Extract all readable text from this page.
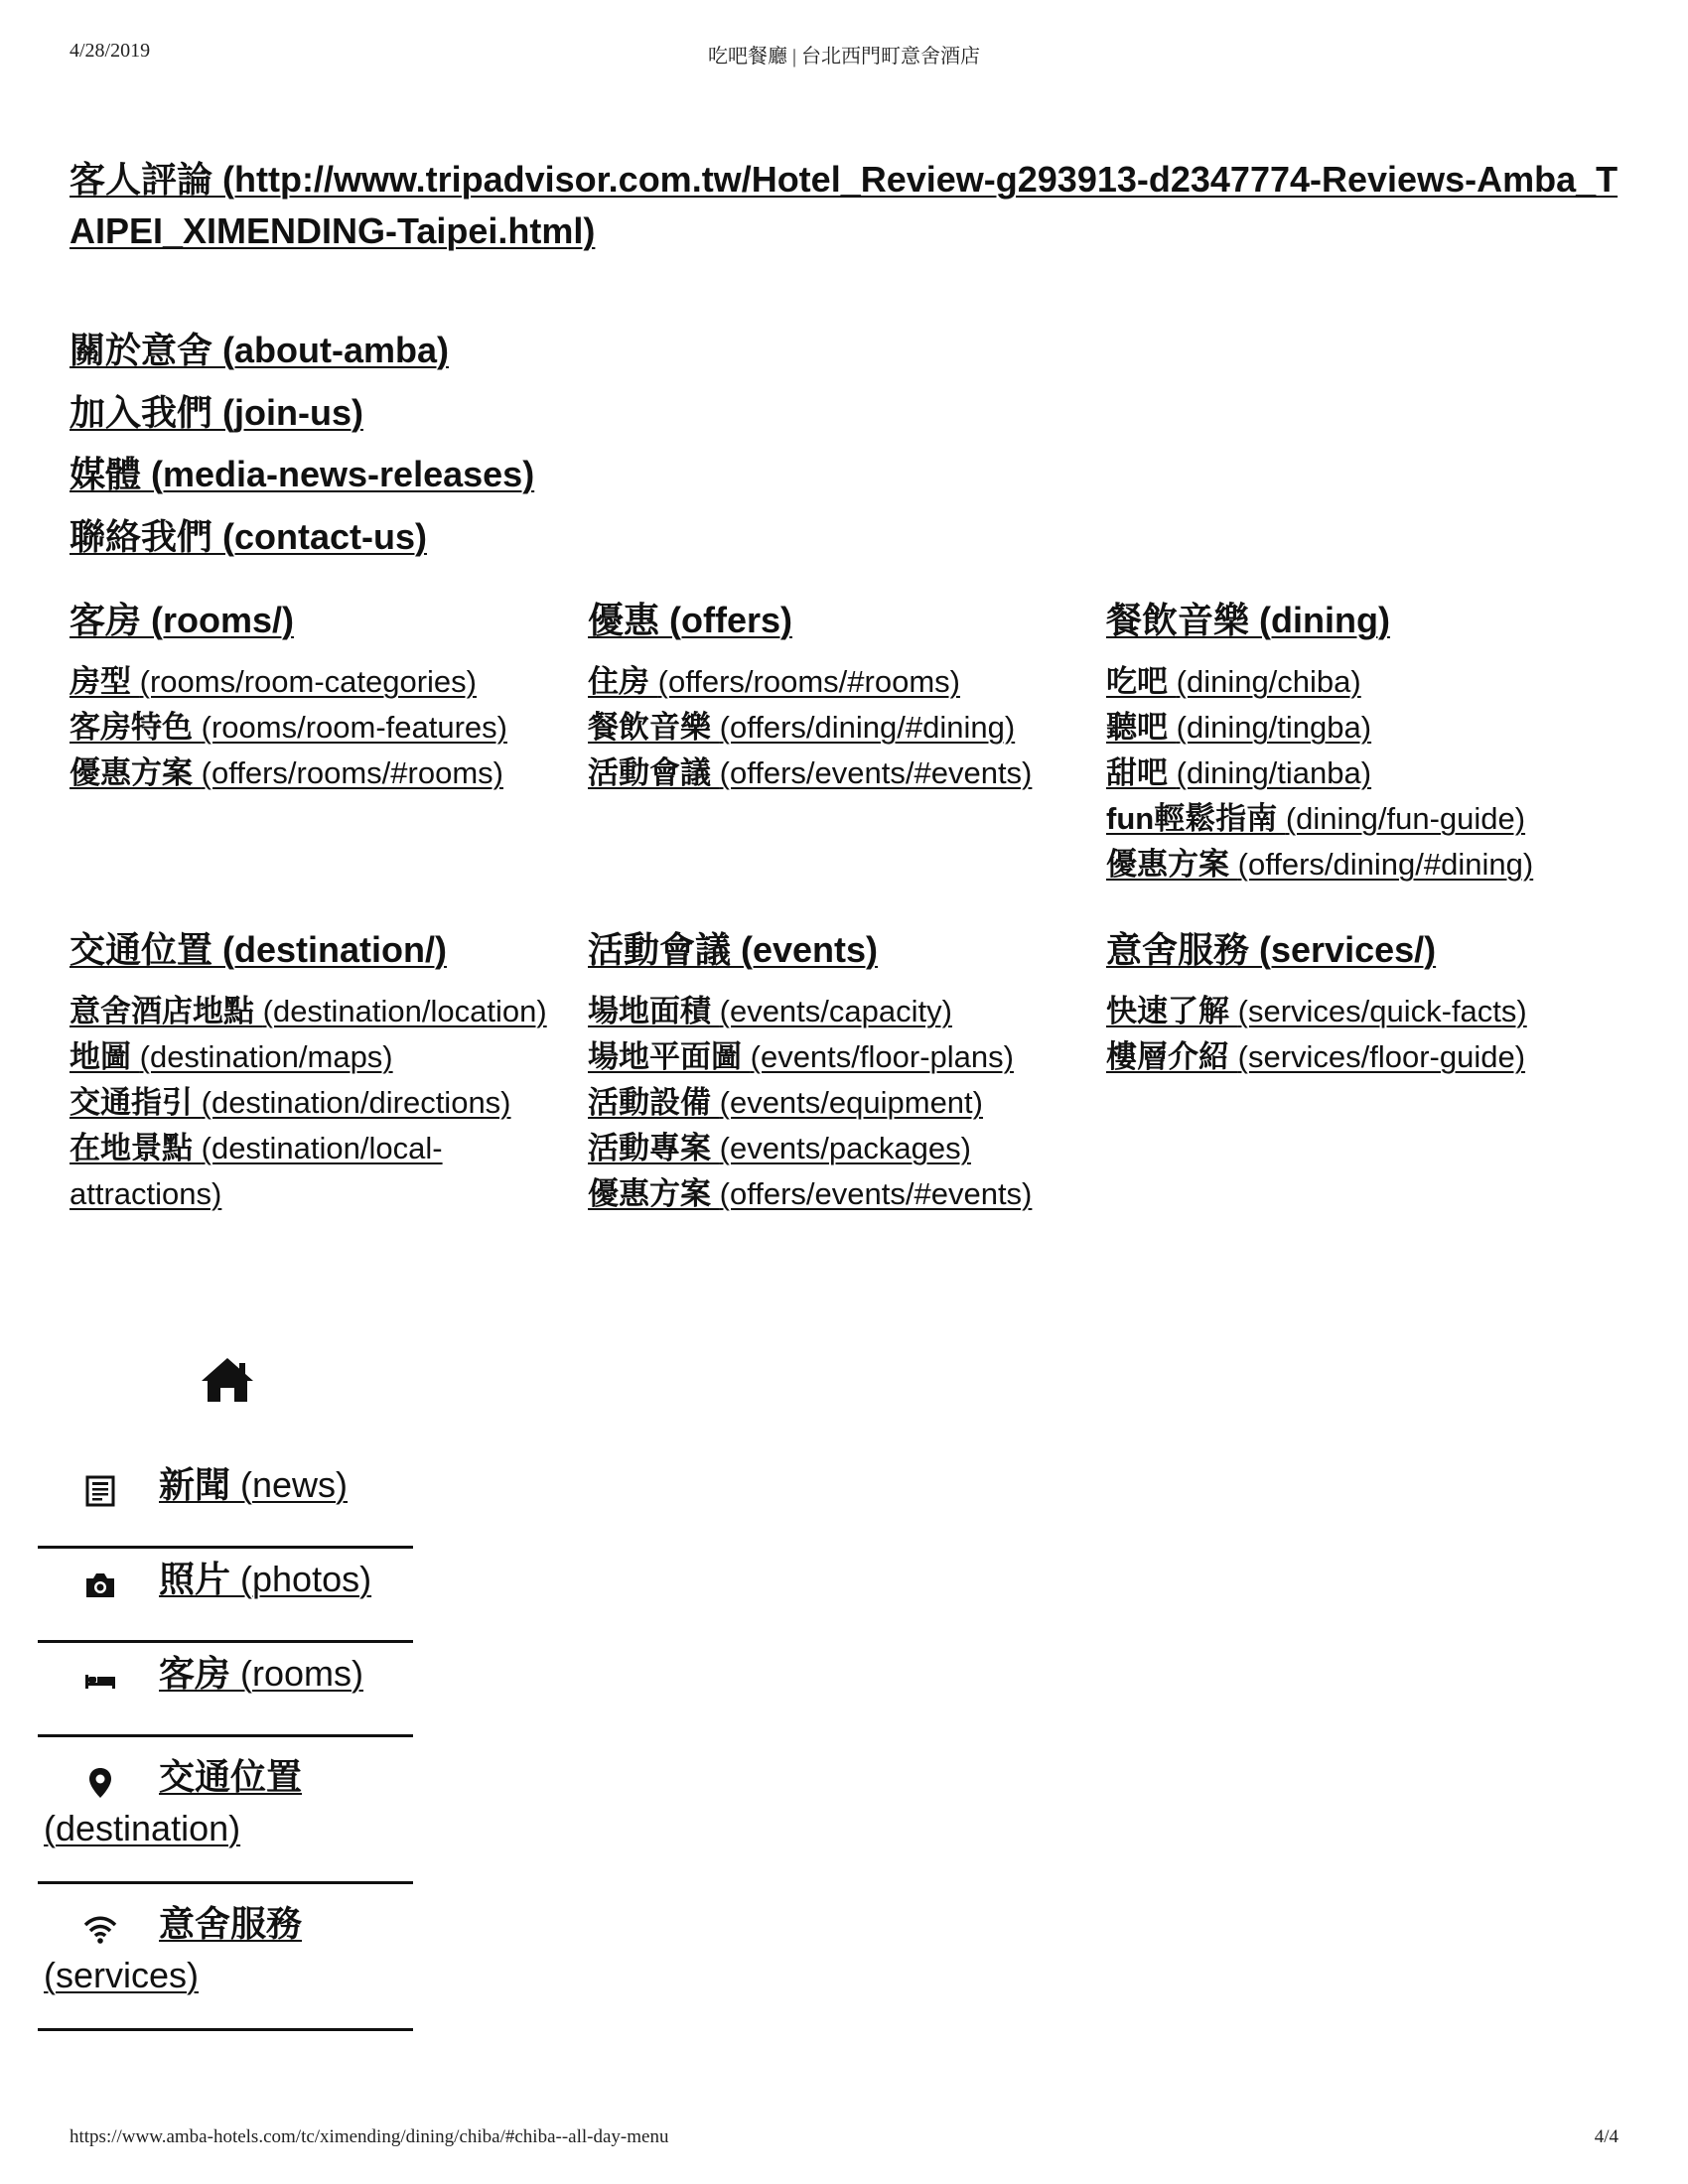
4/28/2019	吃吧餐廳 | 台北西門町意舍酒店
客人評論 (http://www.tripadvisor.com.tw/Hotel_Review-g293913-d2347774-Reviews-Amba_TAIPEI_XIMENDING-Taipei.html)
關於意舍 (about-amba)
加入我們 (join-us)
媒體 (media-news-releases)
聯絡我們 (contact-us)
客房 (rooms/)
房型 (rooms/room-categories)
客房特色 (rooms/room-features)
優惠方案 (offers/rooms/#rooms)
優惠 (offers)
住房 (offers/rooms/#rooms)
餐飲音樂 (offers/dining/#dining)
活動會議 (offers/events/#events)
餐飲音樂 (dining)
吃吧 (dining/chiba)
聽吧 (dining/tingba)
甜吧 (dining/tianba)
fun輕鬆指南 (dining/fun-guide)
優惠方案 (offers/dining/#dining)
交通位置 (destination/)
意舍酒店地點 (destination/location)
地圖 (destination/maps)
交通指引 (destination/directions)
在地景點 (destination/local-attractions)
活動會議 (events)
場地面積 (events/capacity)
場地平面圖 (events/floor-plans)
活動設備 (events/equipment)
活動專案 (events/packages)
優惠方案 (offers/events/#events)
意舍服務 (services/)
快速了解 (services/quick-facts)
樓層介紹 (services/floor-guide)
新聞 (news)
照片 (photos)
客房 (rooms)
交通位置
(destination)
意舍服務
(services)
https://www.amba-hotels.com/tc/ximending/dining/chiba/#chiba--all-day-menu	4/4
